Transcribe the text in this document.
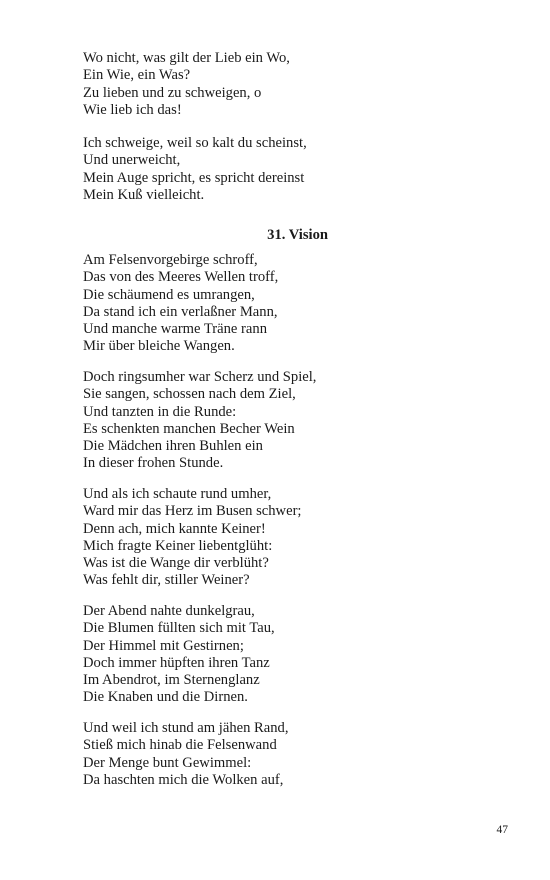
Wo nicht, was gilt der Lieb ein Wo,
Ein Wie, ein Was?
Zu lieben und zu schweigen, o
Wie lieb ich das!
Ich schweige, weil so kalt du scheinst,
Und unerweicht,
Mein Auge spricht, es spricht dereinst
Mein Kuß vielleicht.
31. Vision
Am Felsenvorgebirge schroff,
Das von des Meeres Wellen troff,
Die schäumend es umrangen,
Da stand ich ein verlaßner Mann,
Und manche warme Träne rann
Mir über bleiche Wangen.
Doch ringsumher war Scherz und Spiel,
Sie sangen, schossen nach dem Ziel,
Und tanzten in die Runde:
Es schenkten manchen Becher Wein
Die Mädchen ihren Buhlen ein
In dieser frohen Stunde.
Und als ich schaute rund umher,
Ward mir das Herz im Busen schwer;
Denn ach, mich kannte Keiner!
Mich fragte Keiner liebentglüht:
Was ist die Wange dir verblüht?
Was fehlt dir, stiller Weiner?
Der Abend nahte dunkelgrau,
Die Blumen füllten sich mit Tau,
Der Himmel mit Gestirnen;
Doch immer hüpften ihren Tanz
Im Abendrot, im Sternenglanz
Die Knaben und die Dirnen.
Und weil ich stund am jähen Rand,
Stieß mich hinab die Felsenwand
Der Menge bunt Gewimmel:
Da haschten mich die Wolken auf,
47
